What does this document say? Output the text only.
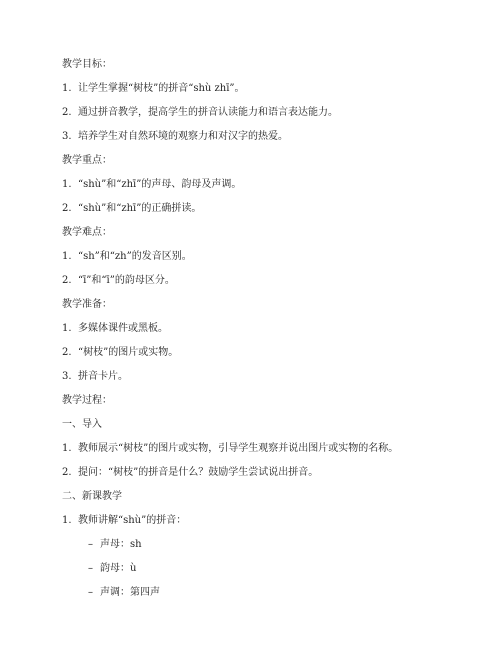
教学目标：
1. 让学生掌握“树枝”的拼音“shù zhī”。
2. 通过拼音教学，提高学生的拼音认读能力和语言表达能力。
3. 培养学生对自然环境的观察力和对汉字的热爱。
教学重点：
1. “shù”和“zhī”的声母、韵母及声调。
2. “shù”和“zhī”的正确拼读。
教学难点：
1. “sh”和“zh”的发音区别。
2. “ī”和“ī”的韵母区分。
教学准备：
1. 多媒体课件或黑板。
2. “树枝”的图片或实物。
3. 拼音卡片。
教学过程：
一、导入
1. 教师展示“树枝”的图片或实物，引导学生观察并说出图片或实物的名称。
2. 提问：“树枝”的拼音是什么？鼓励学生尝试说出拼音。
二、新课教学
1. 教师讲解“shù”的拼音：
– 声母：sh
– 韵母：ù
– 声调：第四声
